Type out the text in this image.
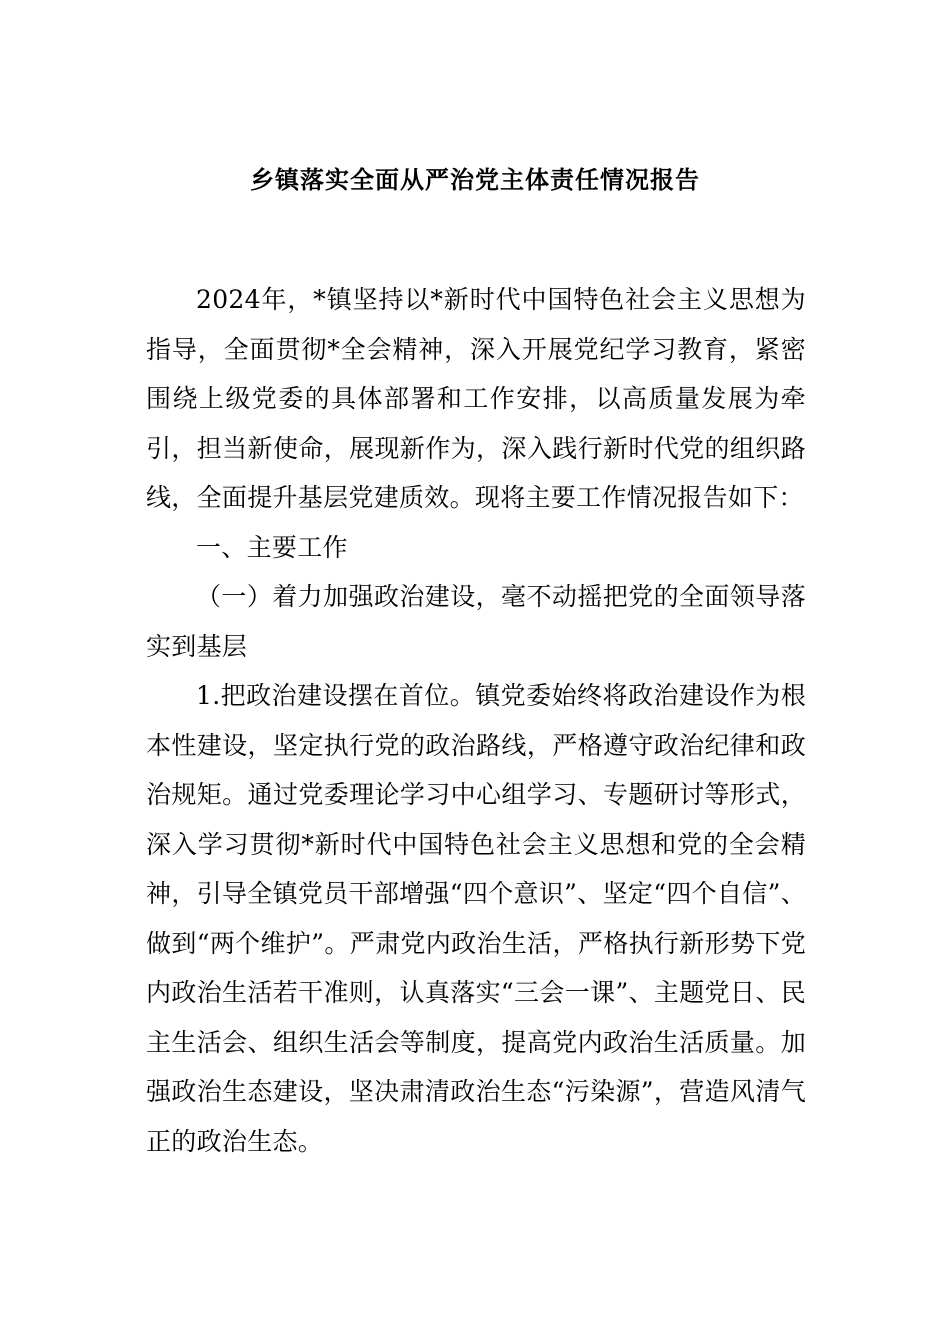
乡镇落实全面从严治党主体责任情况报告

2024年，*镇坚持以*新时代中国特色社会主义思想为指导，全面贯彻*全会精神，深入开展党纪学习教育，紧密围绕上级党委的具体部署和工作安排，以高质量发展为牵引，担当新使命，展现新作为，深入践行新时代党的组织路线，全面提升基层党建质效。现将主要工作情况报告如下：

一、主要工作

（一）着力加强政治建设，毫不动摇把党的全面领导落实到基层

1.把政治建设摆在首位。镇党委始终将政治建设作为根本性建设，坚定执行党的政治路线，严格遵守政治纪律和政治规矩。通过党委理论学习中心组学习、专题研讨等形式，深入学习贯彻*新时代中国特色社会主义思想和党的全会精神，引导全镇党员干部增强“四个意识”、坚定“四个自信”、做到“两个维护”。严肃党内政治生活，严格执行新形势下党内政治生活若干准则，认真落实“三会一课”、主题党日、民主生活会、组织生活会等制度，提高党内政治生活质量。加强政治生态建设，坚决肃清政治生态“污染源”，营造风清气正的政治生态。
